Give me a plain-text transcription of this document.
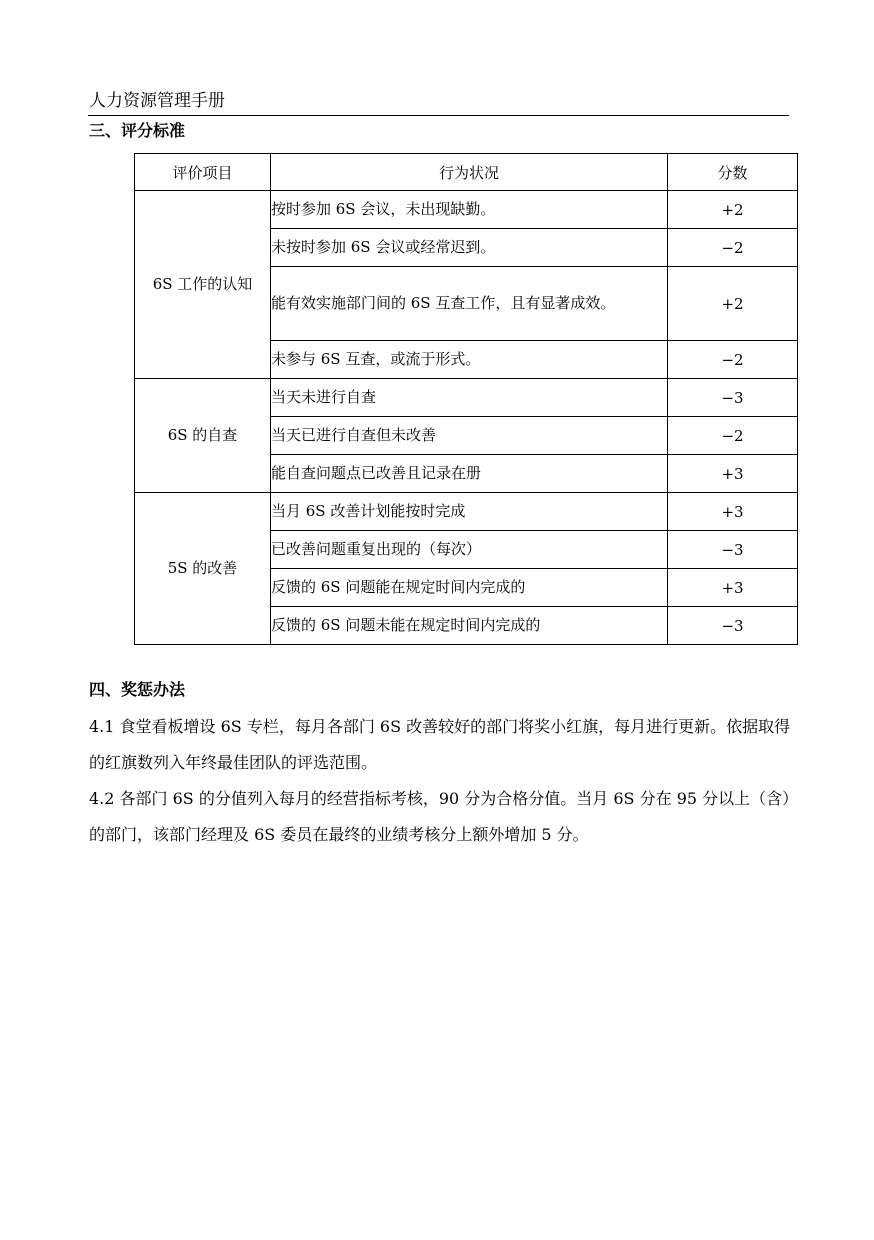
人力资源管理手册
三、评分标准
评价项目	行为状况	分数
6S 工作的认知	按时参加 6S 会议，未出现缺勤。	+2
	未按时参加 6S 会议或经常迟到。	−2
	能有效实施部门间的 6S 互查工作，且有显著成效。	+2
	未参与 6S 互查，或流于形式。	−2
6S 的自查	当天未进行自查	−3
	当天已进行自查但未改善	−2
	能自查问题点已改善且记录在册	+3
5S 的改善	当月 6S 改善计划能按时完成	+3
	已改善问题重复出现的（每次）	−3
	反馈的 6S 问题能在规定时间内完成的	+3
	反馈的 6S 问题未能在规定时间内完成的	−3
四、奖惩办法
4.1 食堂看板增设 6S 专栏，每月各部门 6S 改善较好的部门将奖小红旗，每月进行更新。依据取得的红旗数列入年终最佳团队的评选范围。
4.2 各部门 6S 的分值列入每月的经营指标考核，90 分为合格分值。当月 6S 分在 95 分以上（含）的部门，该部门经理及 6S 委员在最终的业绩考核分上额外增加 5 分。
